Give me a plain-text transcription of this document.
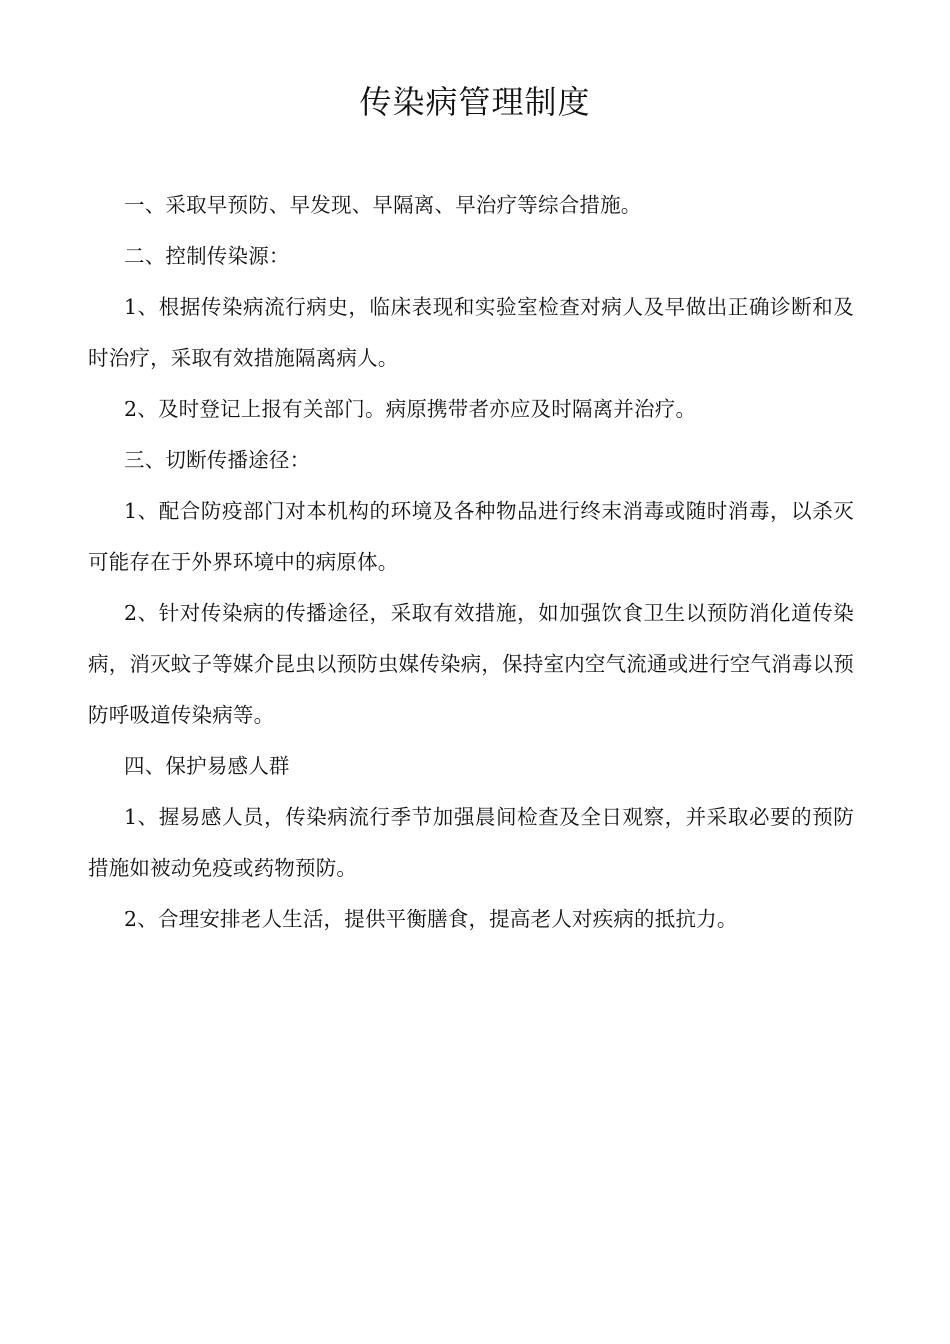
传染病管理制度

一、采取早预防、早发现、早隔离、早治疗等综合措施。

二、控制传染源：

1、根据传染病流行病史，临床表现和实验室检查对病人及早做出正确诊断和及时治疗，采取有效措施隔离病人。

2、及时登记上报有关部门。病原携带者亦应及时隔离并治疗。

三、切断传播途径：

1、配合防疫部门对本机构的环境及各种物品进行终末消毒或随时消毒，以杀灭可能存在于外界环境中的病原体。

2、针对传染病的传播途径，采取有效措施，如加强饮食卫生以预防消化道传染病，消灭蚊子等媒介昆虫以预防虫媒传染病，保持室内空气流通或进行空气消毒以预防呼吸道传染病等。

四、保护易感人群

1、握易感人员，传染病流行季节加强晨间检查及全日观察，并采取必要的预防措施如被动免疫或药物预防。

2、合理安排老人生活，提供平衡膳食，提高老人对疾病的抵抗力。
